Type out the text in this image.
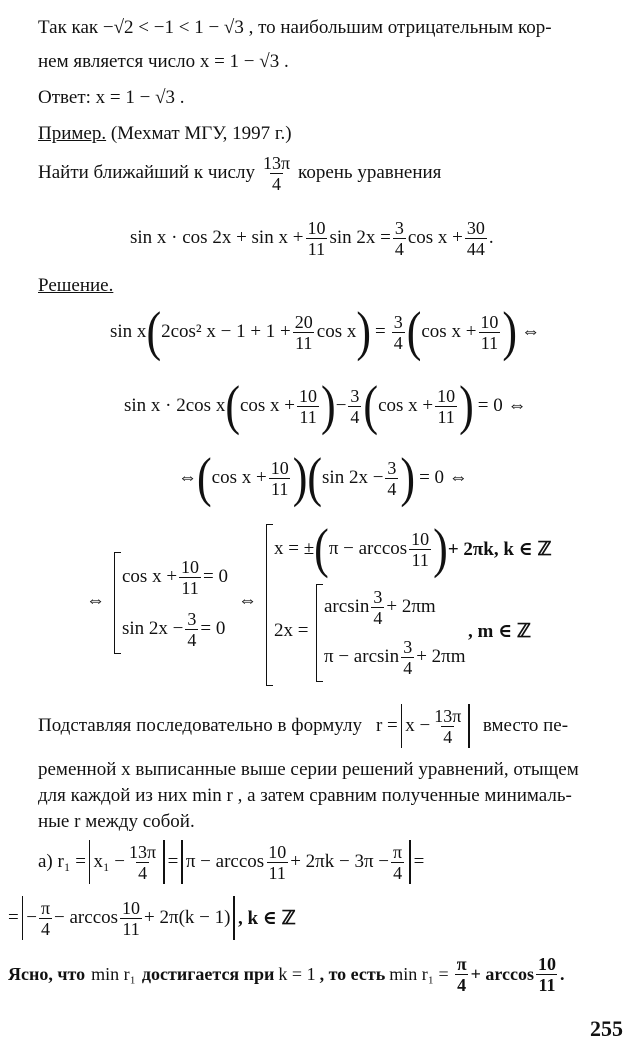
Так как −√2 < −1 < 1 − √3 , то наибольшим отрицательным кор-
нем является число x = 1 − √3 .
Ответ: x = 1 − √3 .
Пример. (Мехмат МГУ, 1997 г.)
Найти ближайший к числу $\frac{13\pi}{4}$ корень уравнения
$\sin x \cdot \cos 2x + \sin x + \frac{10}{11}$ $\sin 2x = \frac{3}{4}$ $\cos x + \frac{30}{44}$ .
Решение.
sin x ( 2cos² $x - 1 + 1 + \frac{20}{11}$ cos x ) = $\frac{3}{4}$ ( $\cos x + \frac{10}{11}$ ) ⇔
sin x · 2cos x ( $\cos x + \frac{10}{11}$ ) − $\frac{3}{4}$ ( $\cos x + \frac{10}{11}$ ) = 0 ⇔
⇔ ( $\cos x + \frac{10}{11}$ ) ( $\sin 2x - \frac{3}{4}$ ) = 0 ⇔
⇔
$\cos x + \frac{10}{11} = 0$
$\sin 2x - \frac{3}{4} = 0$
⇔
x = ± ( $\pi - \arccos \frac{10}{11}$ ) + 2πk, k ∈ ℤ
2x =
$\arcsin \frac{3}{4} + 2\pi m$
$\pi - \arcsin \frac{3}{4} + 2\pi m$
, m ∈ ℤ
Подставляя последовательно в формулу $r = x - \frac{13\pi}{4}$ вместо пе-
ременной x выписанные выше серии решений уравнений, отыщем
для каждой из них min r , а затем сравним полученные минималь-
ные r между собой.
а) $r_1 = x_1 - \frac{13\pi}{4} = \pi - \arccos \frac{10}{11} + 2\pi k - 3\pi - \frac{\pi}{4}$ =
= − $\frac{\pi}{4} - \arccos \frac{10}{11} + 2\pi(k - 1)$ , k ∈ ℤ
Ясно, что min r₁ достигается при k = 1 , то есть $\min r_1 = \frac{\pi}{4} + \arccos \frac{10}{11}$ .
255
